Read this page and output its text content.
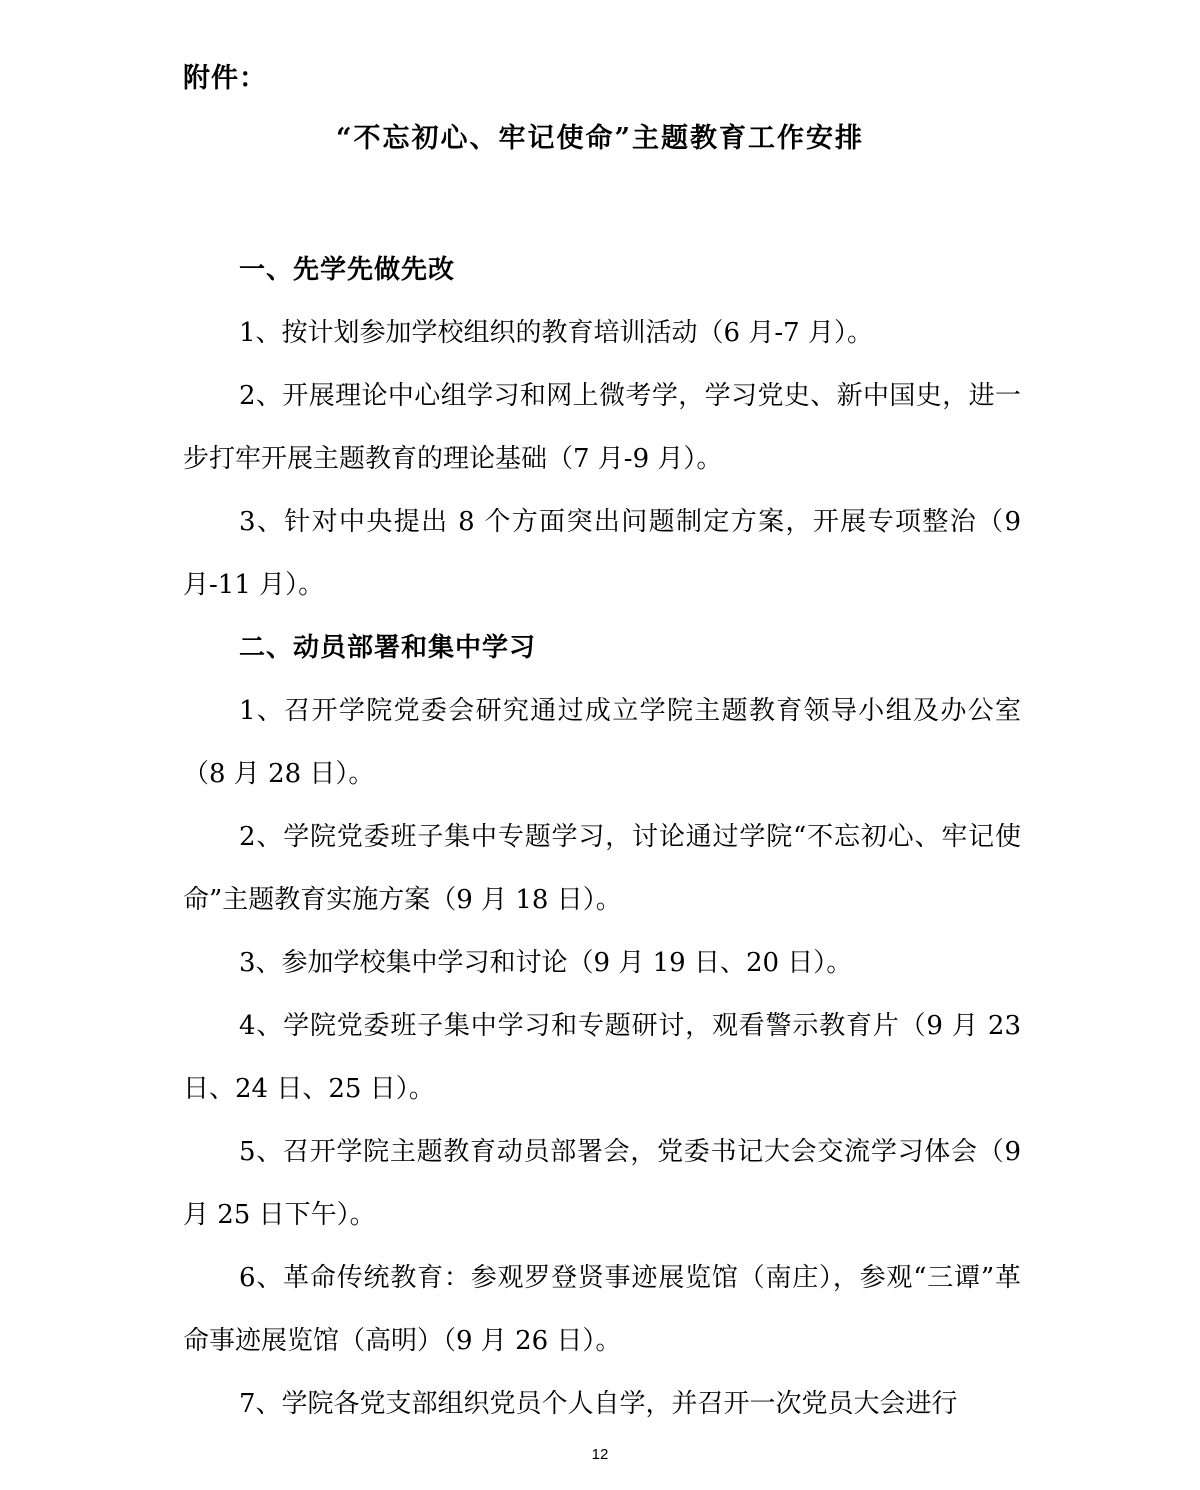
附件：
“不忘初心、牢记使命”主题教育工作安排

一、先学先做先改

1、按计划参加学校组织的教育培训活动（6 月-7 月）。

2、开展理论中心组学习和网上微考学，学习党史、新中国史，进一步打牢开展主题教育的理论基础（7 月-9 月）。

3、针对中央提出 8 个方面突出问题制定方案，开展专项整治（9 月-11 月）。

二、动员部署和集中学习

1、召开学院党委会研究通过成立学院主题教育领导小组及办公室（8 月 28 日）。

2、学院党委班子集中专题学习，讨论通过学院“不忘初心、牢记使命”主题教育实施方案（9 月 18 日）。

3、参加学校集中学习和讨论（9 月 19 日、20 日）。

4、学院党委班子集中学习和专题研讨，观看警示教育片（9 月 23 日、24 日、25 日）。

5、召开学院主题教育动员部署会，党委书记大会交流学习体会（9 月 25 日下午）。

6、革命传统教育：参观罗登贤事迹展览馆（南庄），参观“三谭”革命事迹展览馆（高明）（9 月 26 日）。

7、学院各党支部组织党员个人自学，并召开一次党员大会进行

12
